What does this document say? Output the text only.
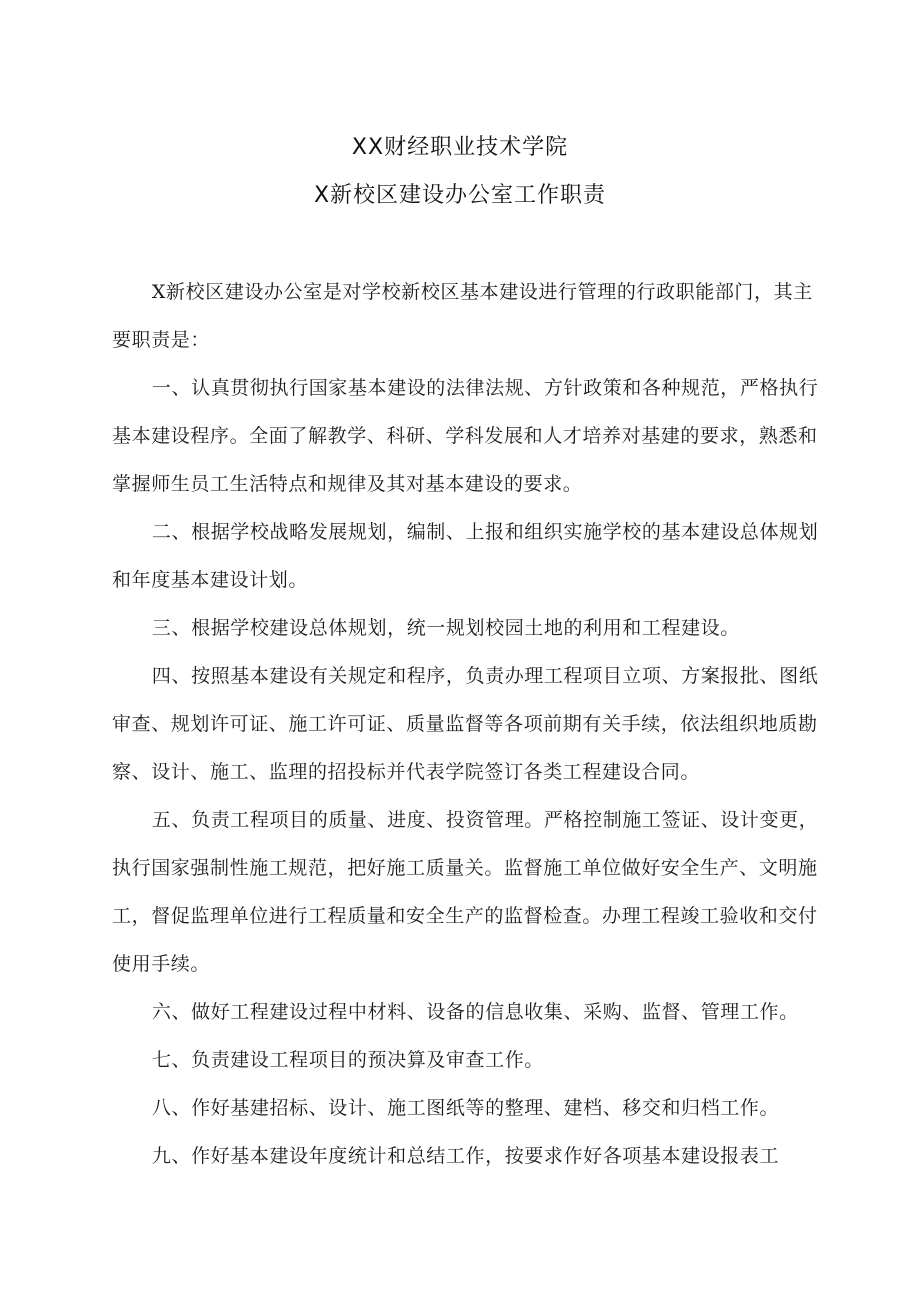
XX财经职业技术学院
X新校区建设办公室工作职责

X新校区建设办公室是对学校新校区基本建设进行管理的行政职能部门，其主要职责是：

一、认真贯彻执行国家基本建设的法律法规、方针政策和各种规范，严格执行基本建设程序。全面了解教学、科研、学科发展和人才培养对基建的要求，熟悉和掌握师生员工生活特点和规律及其对基本建设的要求。

二、根据学校战略发展规划，编制、上报和组织实施学校的基本建设总体规划和年度基本建设计划。

三、根据学校建设总体规划，统一规划校园土地的利用和工程建设。

四、按照基本建设有关规定和程序，负责办理工程项目立项、方案报批、图纸审查、规划许可证、施工许可证、质量监督等各项前期有关手续，依法组织地质勘察、设计、施工、监理的招投标并代表学院签订各类工程建设合同。

五、负责工程项目的质量、进度、投资管理。严格控制施工签证、设计变更，执行国家强制性施工规范，把好施工质量关。监督施工单位做好安全生产、文明施工，督促监理单位进行工程质量和安全生产的监督检查。办理工程竣工验收和交付使用手续。

六、做好工程建设过程中材料、设备的信息收集、采购、监督、管理工作。

七、负责建设工程项目的预决算及审查工作。

八、作好基建招标、设计、施工图纸等的整理、建档、移交和归档工作。

九、作好基本建设年度统计和总结工作，按要求作好各项基本建设报表工
